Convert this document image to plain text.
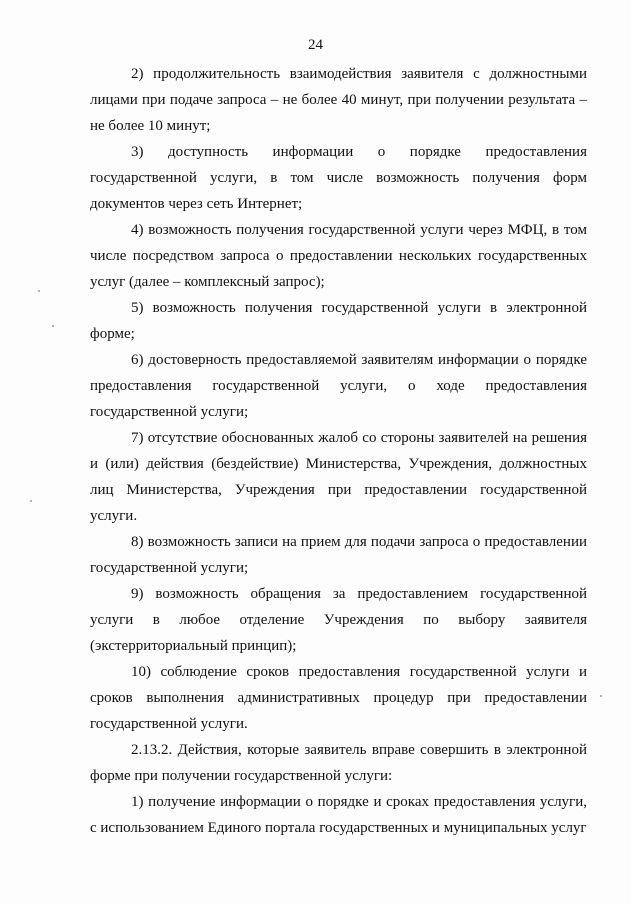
24

2) продолжительность взаимодействия заявителя с должностными лицами при подаче запроса – не более 40 минут, при получении результата – не более 10 минут;

3) доступность информации о порядке предоставления государственной услуги, в том числе возможность получения форм документов через сеть Интернет;

4) возможность получения государственной услуги через МФЦ, в том числе посредством запроса о предоставлении нескольких государственных услуг (далее – комплексный запрос);

5) возможность получения государственной услуги в электронной форме;

6) достоверность предоставляемой заявителям информации о порядке предоставления государственной услуги, о ходе предоставления государственной услуги;

7) отсутствие обоснованных жалоб со стороны заявителей на решения и (или) действия (бездействие) Министерства, Учреждения, должностных лиц Министерства, Учреждения при предоставлении государственной услуги.

8) возможность записи на прием для подачи запроса о предоставлении государственной услуги;

9) возможность обращения за предоставлением государственной услуги в любое отделение Учреждения по выбору заявителя (экстерриториальный принцип);

10) соблюдение сроков предоставления государственной услуги и сроков выполнения административных процедур при предоставлении государственной услуги.

2.13.2. Действия, которые заявитель вправе совершить в электронной форме при получении государственной услуги:

1) получение информации о порядке и сроках предоставления услуги, с использованием Единого портала государственных и муниципальных услуг
